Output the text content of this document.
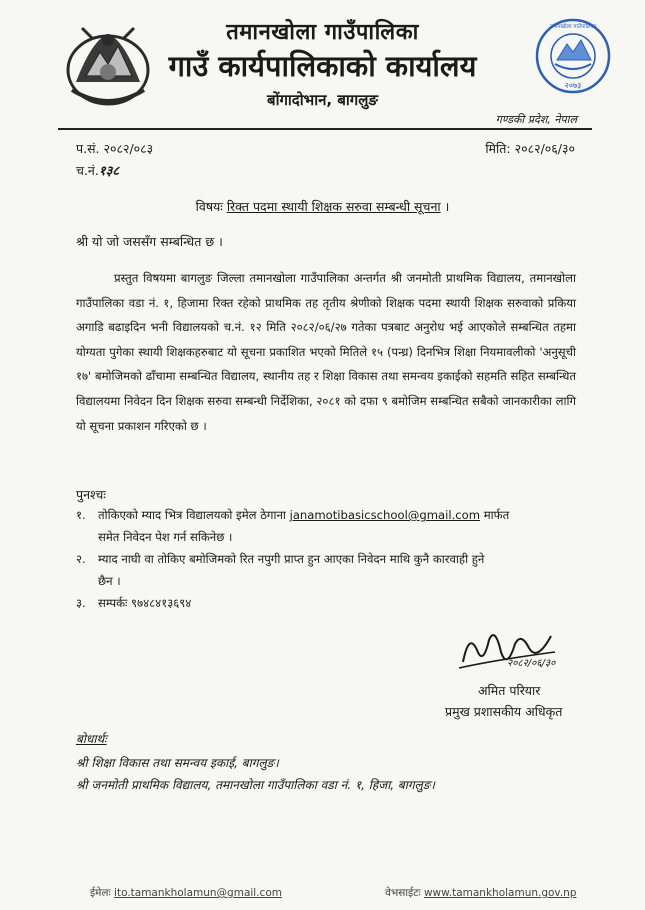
२०७३
तमानखोला गाउँपालिका
तमानखोला गाउँपालिका
गाउँ कार्यपालिकाको कार्यालय
बोंगादोभान, बागलुङ
गण्डकी प्रदेश, नेपाल
प.सं. २०८२/०८३
च.नं.१३८
मिति: २०८२/०६/३०
विषयः रिक्त पदमा स्थायी शिक्षक सरुवा सम्बन्धी सूचना ।
श्री यो जो जससँग सम्बन्धित छ ।

प्रस्तुत विषयमा बागलुङ जिल्ला तमानखोला गाउँपालिका अन्तर्गत श्री जनमोती प्राथमिक विद्यालय, तमानखोला गाउँपालिका वडा नं. १, हिजामा रिक्त रहेको प्राथमिक तह तृतीय श्रेणीको शिक्षक पदमा स्थायी शिक्षक सरुवाको प्रकिया अगाडि बढाइदिन भनी विद्यालयको च.नं. १२ मिति २०८२/०६/२७ गतेका पत्रबाट अनुरोध भई आएकोले सम्बन्धित तहमा योग्यता पुगेका स्थायी शिक्षकहरुबाट यो सूचना प्रकाशित भएको मितिले १५ (पन्ध्र) दिनभित्र शिक्षा नियमावलीको 'अनुसूची १७' बमोजिमको ढाँचामा सम्बन्धित विद्यालय, स्थानीय तह र शिक्षा विकास तथा समन्वय इकाईको सहमति सहित सम्बन्धित विद्यालयमा निवेदन दिन शिक्षक सरुवा सम्बन्धी निर्देशिका, २०८१ को दफा ९ बमोजिम सम्बन्धित सबैको जानकारीका लागि यो सूचना प्रकाशन गरिएको छ ।

पुनश्चः
१. तोकिएको म्याद भित्र विद्यालयको इमेल ठेगाना janamotibasicschool@gmail.com मार्फत
समेत निवेदन पेश गर्न सकिनेछ ।
२. म्याद नाघी वा तोकिए बमोजिमको रित नपुगी प्राप्त हुन आएका निवेदन माथि कुनै कारवाही हुने
छैन ।
३. सम्पर्कः ९७४८४१३६९४
२०८२/०६/३०
अमित परियार
प्रमुख प्रशासकीय अधिकृत
बोधार्थः
श्री शिक्षा विकास तथा समन्वय इकाई, बागलुङ।
श्री जनमोती प्राथमिक विद्यालय, तमानखोला गाउँपालिका वडा नं. १, हिजा, बागलुङ।
ईमेलः ito.tamankholamun@gmail.com	वेभसाईटः www.tamankholamun.gov.np
